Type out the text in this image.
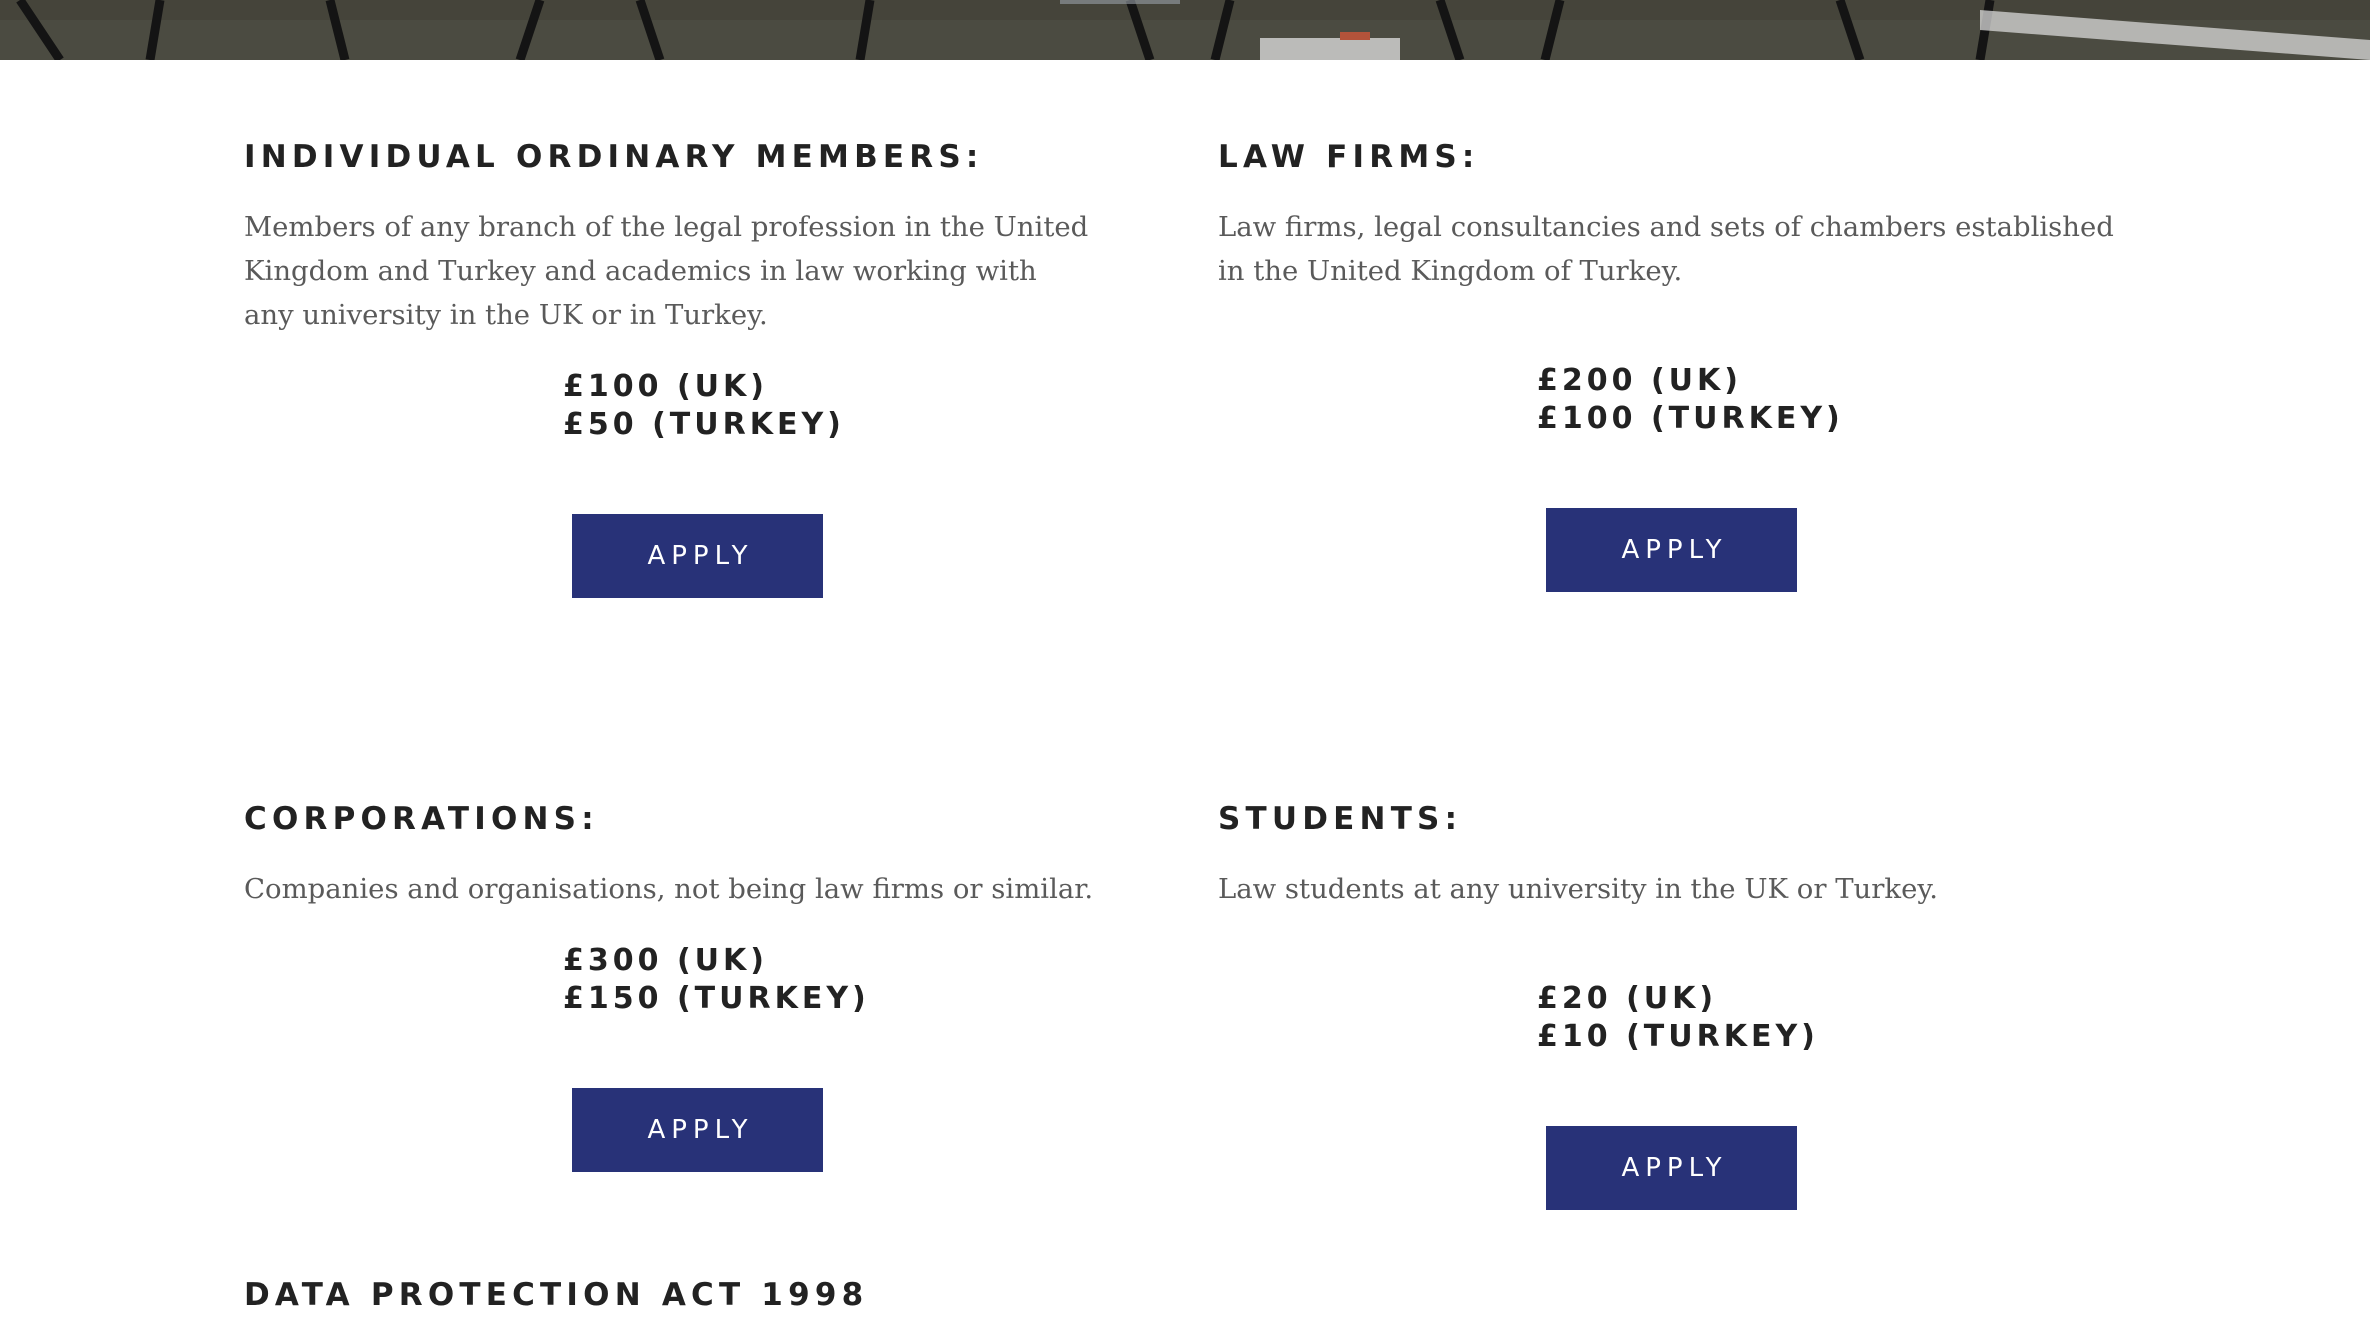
INDIVIDUAL ORDINARY MEMBERS:

Members of any branch of the legal profession in the United Kingdom and Turkey and academics in law working with any university in the UK or in Turkey.

£100 (UK)
£50 (TURKEY)
APPLY
LAW FIRMS:

Law firms, legal consultancies and sets of chambers established in the United Kingdom of Turkey.

£200 (UK)
£100 (TURKEY)
APPLY
CORPORATIONS:

Companies and organisations, not being law firms or similar.

£300 (UK)
£150 (TURKEY)
APPLY
STUDENTS:

Law students at any university in the UK or Turkey.

£20 (UK)
£10 (TURKEY)
APPLY
DATA PROTECTION ACT 1998
